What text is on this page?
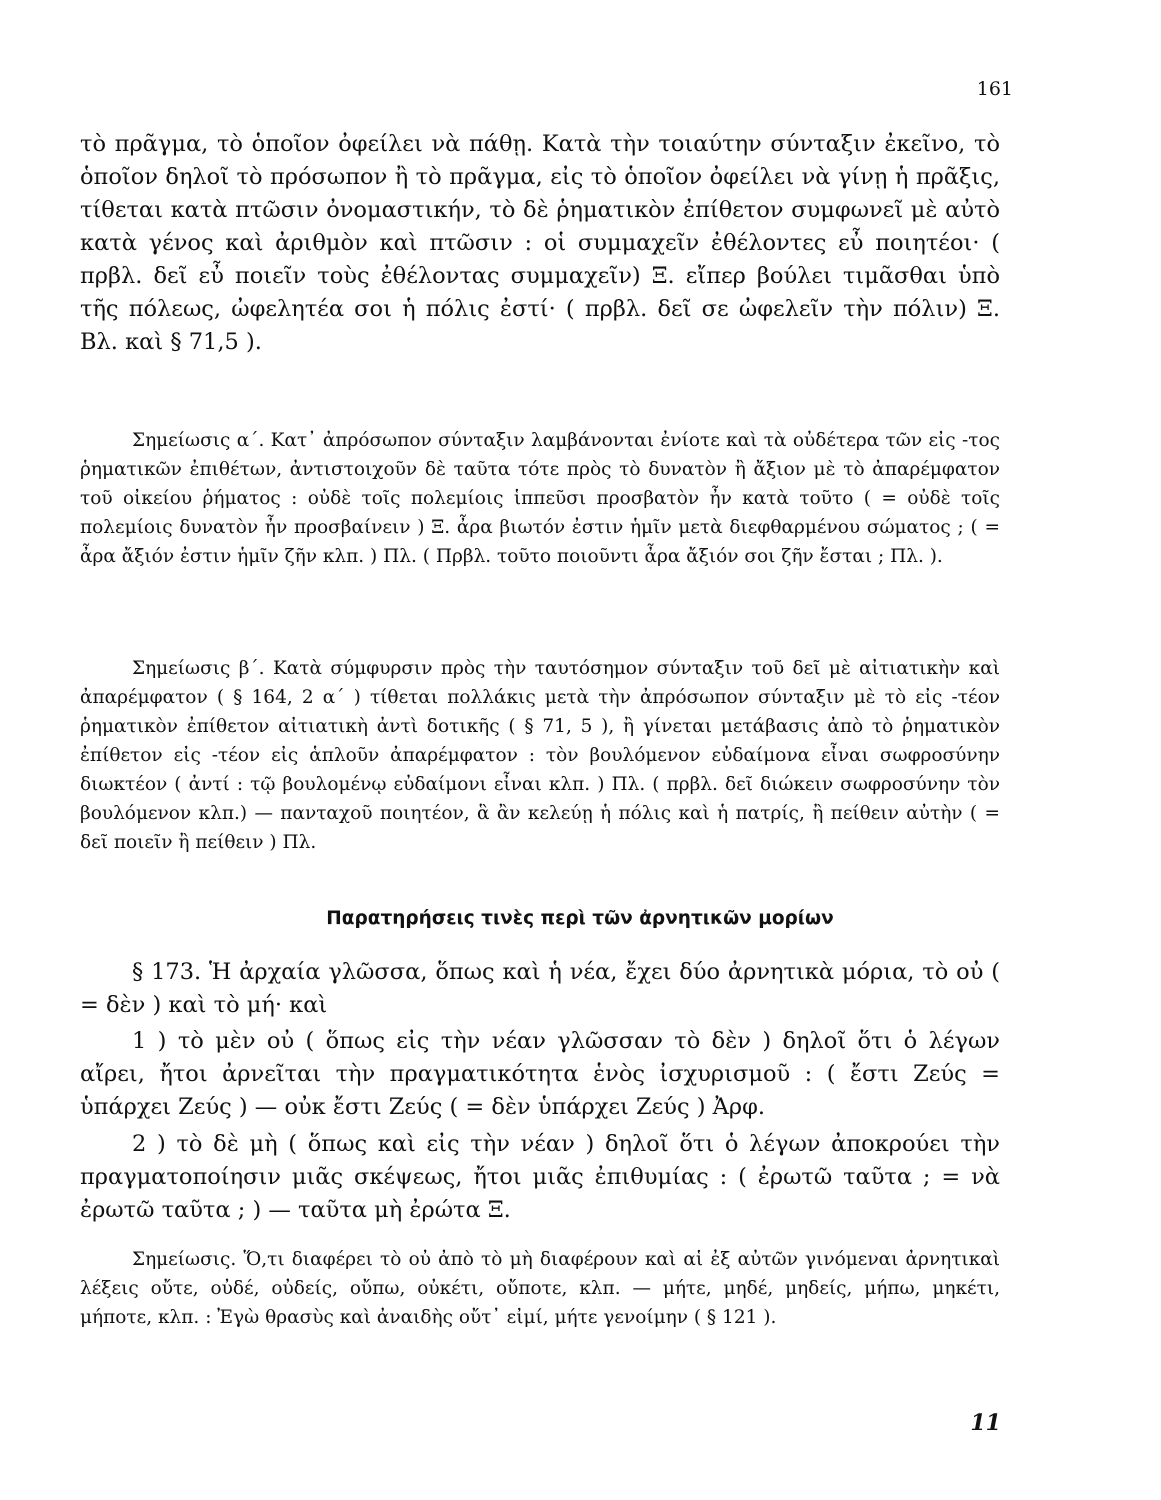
161

τὸ πρᾶγμα, τὸ ὁποῖον ὀφείλει νὰ πάθῃ. Κατὰ τὴν τοιαύτην σύνταξιν ἐκεῖνο, τὸ ὁποῖον δηλοῖ τὸ πρόσωπον ἢ τὸ πρᾶγμα, εἰς τὸ ὁποῖον ὀφείλει νὰ γίνῃ ἡ πρᾶξις, τίθεται κατὰ πτῶσιν ὀνομαστικήν, τὸ δὲ ῥηματικὸν ἐπίθετον συμφωνεῖ μὲ αὐτὸ κατὰ γένος καὶ ἀριθμὸν καὶ πτῶσιν : οἱ συμμαχεῖν ἐθέλοντες εὖ ποιητέοι· ( πρβλ. δεῖ εὖ ποιεῖν τοὺς ἐθέλοντας συμμαχεῖν) Ξ. εἴπερ βούλει τιμᾶσθαι ὑπὸ τῆς πόλεως, ὠφελητέα σοι ἡ πόλις ἐστί· ( πρβλ. δεῖ σε ὠφελεῖν τὴν πόλιν) Ξ. Βλ. καὶ § 71,5 ).

Σημείωσις α΄. Κατ᾽ ἀπρόσωπον σύνταξιν λαμβάνονται ἐνίοτε καὶ τὰ οὐδέτερα τῶν εἰς -τος ῥηματικῶν ἐπιθέτων, ἀντιστοιχοῦν δὲ ταῦτα τότε πρὸς τὸ δυνατὸν ἢ ἄξιον μὲ τὸ ἀπαρέμφατον τοῦ οἰκείου ῥήματος : οὐδὲ τοῖς πολεμίοις ἱππεῦσι προσβατὸν ἦν κατὰ τοῦτο ( = οὐδὲ τοῖς πολεμίοις δυνατὸν ἦν προσβαίνειν ) Ξ. ἆρα βιωτόν ἐστιν ἡμῖν μετὰ διεφθαρμένου σώματος ; ( = ἆρα ἄξιόν ἐστιν ἡμῖν ζῆν κλπ. ) Πλ. ( Πρβλ. τοῦτο ποιοῦντι ἆρα ἄξιόν σοι ζῆν ἔσται ; Πλ. ).

Σημείωσις β΄. Κατὰ σύμφυρσιν πρὸς τὴν ταυτόσημον σύνταξιν τοῦ δεῖ μὲ αἰτιατικὴν καὶ ἀπαρέμφατον ( § 164, 2 α΄ ) τίθεται πολλάκις μετὰ τὴν ἀπρόσωπον σύνταξιν μὲ τὸ εἰς -τέον ῥηματικὸν ἐπίθετον αἰτιατικὴ ἀντὶ δοτικῆς ( § 71, 5 ), ἢ γίνεται μετάβασις ἀπὸ τὸ ῥηματικὸν ἐπίθετον εἰς -τέον εἰς ἁπλοῦν ἀπαρέμφατον : τὸν βουλόμενον εὐδαίμονα εἶναι σωφροσύνην διωκτέον ( ἀντί : τῷ βουλομένῳ εὐδαίμονι εἶναι κλπ. ) Πλ. ( πρβλ. δεῖ διώκειν σωφροσύνην τὸν βουλόμενον κλπ.) — πανταχοῦ ποιητέον, ἃ ἂν κελεύῃ ἡ πόλις καὶ ἡ πατρίς, ἢ πείθειν αὐτὴν ( = δεῖ ποιεῖν ἢ πείθειν ) Πλ.

Παρατηρήσεις τινὲς περὶ τῶν ἀρνητικῶν μορίων

§ 173. Ἡ ἀρχαία γλῶσσα, ὅπως καὶ ἡ νέα, ἔχει δύο ἀρνητικὰ μόρια, τὸ οὐ ( = δὲν ) καὶ τὸ μή· καὶ

1 ) τὸ μὲν οὐ ( ὅπως εἰς τὴν νέαν γλῶσσαν τὸ δὲν ) δηλοῖ ὅτι ὁ λέγων αἴρει, ἤτοι ἀρνεῖται τὴν πραγματικότητα ἑνὸς ἰσχυρισμοῦ : ( ἔστι Ζεύς = ὑπάρχει Ζεύς ) — οὐκ ἔστι Ζεύς ( = δὲν ὑπάρχει Ζεύς ) Ἀρφ.

2 ) τὸ δὲ μὴ ( ὅπως καὶ εἰς τὴν νέαν ) δηλοῖ ὅτι ὁ λέγων ἀποκρούει τὴν πραγματοποίησιν μιᾶς σκέψεως, ἤτοι μιᾶς ἐπιθυμίας : ( ἐρωτῶ ταῦτα ; = νὰ ἐρωτῶ ταῦτα ; ) — ταῦτα μὴ ἐρώτα Ξ.

Σημείωσις. Ὅ,τι διαφέρει τὸ οὐ ἀπὸ τὸ μὴ διαφέρουν καὶ αἱ ἐξ αὐτῶν γινόμεναι ἀρνητικαὶ λέξεις οὔτε, οὐδέ, οὐδείς, οὔπω, οὐκέτι, οὔποτε, κλπ. — μήτε, μηδέ, μηδείς, μήπω, μηκέτι, μήποτε, κλπ. : Ἐγὼ θρασὺς καὶ ἀναιδὴς οὔτ᾽ εἰμί, μήτε γενοίμην ( § 121 ).

11
